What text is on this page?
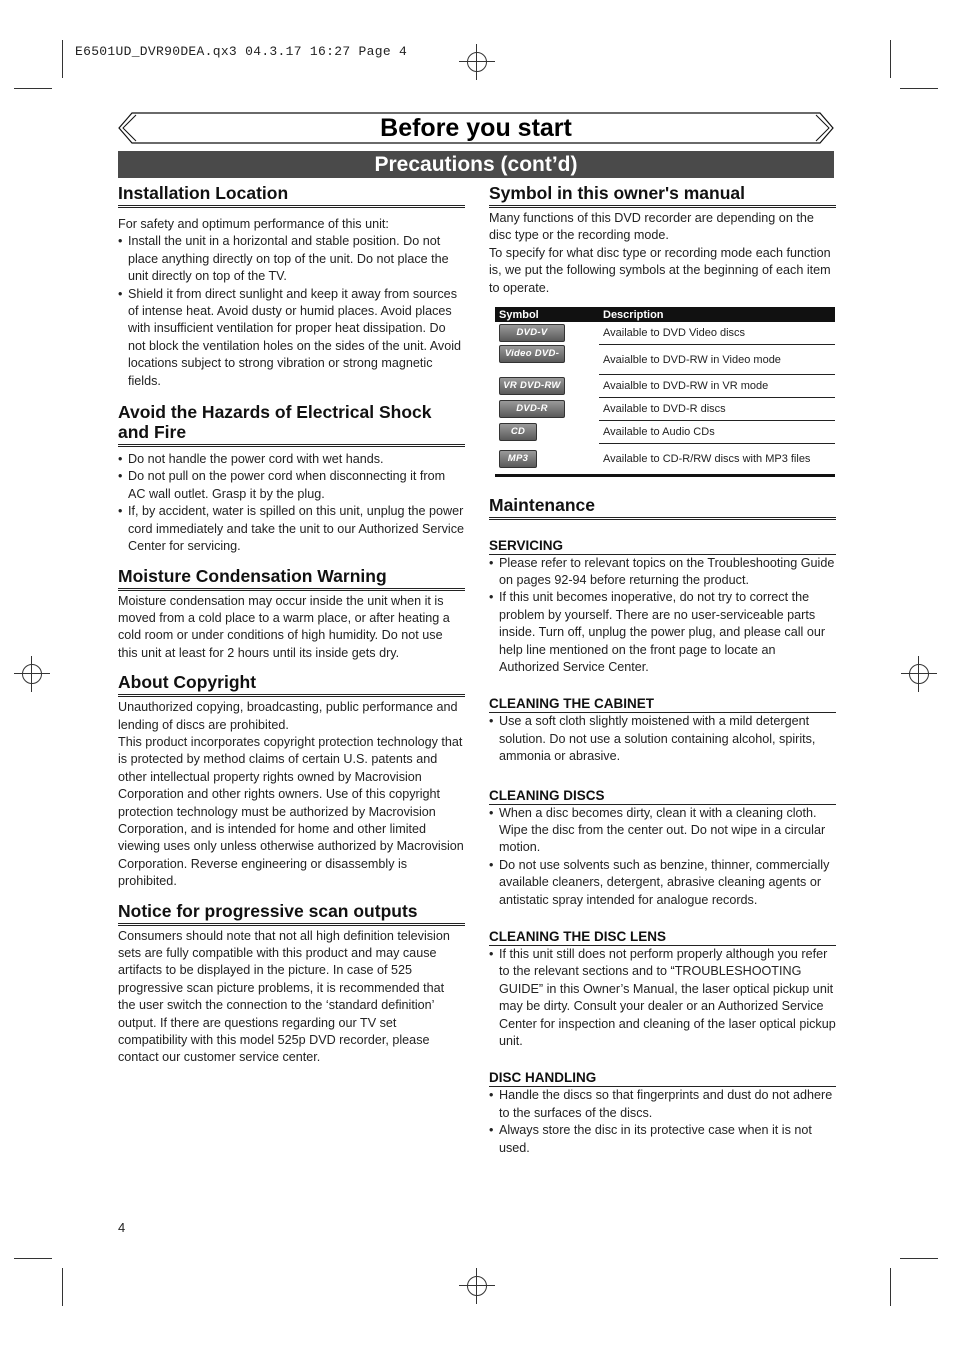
E6501UD_DVR90DEA.qx3 04.3.17 16:27 Page 4
Before you start
Precautions (cont’d)
Installation Location
For safety and optimum performance of this unit:
• Install the unit in a horizontal and stable position. Do not place anything directly on top of the unit. Do not place the unit directly on top of the TV.
• Shield it from direct sunlight and keep it away from sources of intense heat. Avoid dusty or humid places. Avoid places with insufficient ventilation for proper heat dissipation. Do not block the ventilation holes on the sides of the unit. Avoid locations subject to strong vibration or strong magnetic fields.
Avoid the Hazards of Electrical Shock and Fire
• Do not handle the power cord with wet hands.
• Do not pull on the power cord when disconnecting it from AC wall outlet. Grasp it by the plug.
• If, by accident, water is spilled on this unit, unplug the power cord immediately and take the unit to our Authorized Service Center for servicing.
Moisture Condensation Warning
Moisture condensation may occur inside the unit when it is moved from a cold place to a warm place, or after heating a cold room or under conditions of high humidity. Do not use this unit at least for 2 hours until its inside gets dry.
About Copyright
Unauthorized copying, broadcasting, public performance and lending of discs are prohibited.
This product incorporates copyright protection technology that is protected by method claims of certain U.S. patents and other intellectual property rights owned by Macrovision Corporation and other rights owners. Use of this copyright protection technology must be authorized by Macrovision Corporation, and is intended for home and other limited viewing uses only unless otherwise authorized by Macrovision Corporation. Reverse engineering or disassembly is prohibited.
Notice for progressive scan outputs
Consumers should note that not all high definition television sets are fully compatible with this product and may cause artifacts to be displayed in the picture. In case of 525 progressive scan picture problems, it is recommended that the user switch the connection to the ‘standard definition’ output. If there are questions regarding our TV set compatibility with this model 525p DVD recorder, please contact our customer service center.
Symbol in this owner's manual
Many functions of this DVD recorder are depending on the disc type or the recording mode.
To specify for what disc type or recording mode each function is, we put the following symbols at the beginning of each item to operate.
Symbol	Description
DVD-V	Available to DVD Video discs
Video DVD-RW	Avaialble to DVD-RW in Video mode
VR DVD-RW	Avaialble to DVD-RW in VR mode
DVD-R	Available to DVD-R discs
CD	Available to Audio CDs
MP3	Available to CD-R/RW discs with MP3 files
Maintenance
SERVICING
• Please refer to relevant topics on the Troubleshooting Guide on pages 92-94 before returning the product.
• If this unit becomes inoperative, do not try to correct the problem by yourself. There are no user-serviceable parts inside. Turn off, unplug the power plug, and please call our help line mentioned on the front page to locate an Authorized Service Center.
CLEANING THE CABINET
• Use a soft cloth slightly moistened with a mild detergent solution. Do not use a solution containing alcohol, spirits, ammonia or abrasive.
CLEANING DISCS
• When a disc becomes dirty, clean it with a cleaning cloth. Wipe the disc from the center out. Do not wipe in a circular motion.
• Do not use solvents such as benzine, thinner, commercially available cleaners, detergent, abrasive cleaning agents or antistatic spray intended for analogue records.
CLEANING THE DISC LENS
• If this unit still does not perform properly although you refer to the relevant sections and to “TROUBLESHOOTING GUIDE” in this Owner’s Manual, the laser optical pickup unit may be dirty. Consult your dealer or an Authorized Service Center for inspection and cleaning of the laser optical pickup unit.
DISC HANDLING
• Handle the discs so that fingerprints and dust do not adhere to the surfaces of the discs.
• Always store the disc in its protective case when it is not used.
4
